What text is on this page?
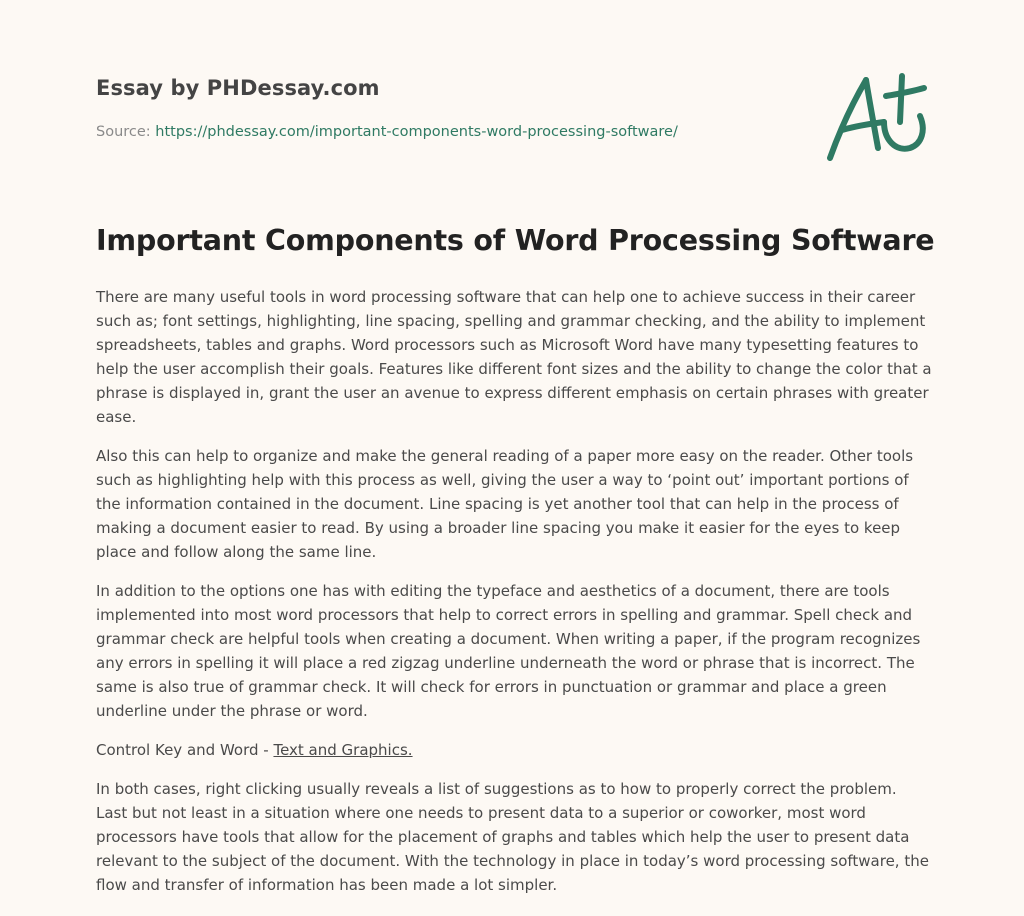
Essay by PHDessay.com

Source: https://phdessay.com/important-components-word-processing-software/

Important Components of Word Processing Software

There are many useful tools in word processing software that can help one to achieve success in their career such as; font settings, highlighting, line spacing, spelling and grammar checking, and the ability to implement spreadsheets, tables and graphs. Word processors such as Microsoft Word have many typesetting features to help the user accomplish their goals. Features like different font sizes and the ability to change the color that a phrase is displayed in, grant the user an avenue to express different emphasis on certain phrases with greater ease.

Also this can help to organize and make the general reading of a paper more easy on the reader. Other tools such as highlighting help with this process as well, giving the user a way to ‘point out’ important portions of the information contained in the document. Line spacing is yet another tool that can help in the process of making a document easier to read. By using a broader line spacing you make it easier for the eyes to keep place and follow along the same line.

In addition to the options one has with editing the typeface and aesthetics of a document, there are tools implemented into most word processors that help to correct errors in spelling and grammar. Spell check and grammar check are helpful tools when creating a document. When writing a paper, if the program recognizes any errors in spelling it will place a red zigzag underline underneath the word or phrase that is incorrect. The same is also true of grammar check. It will check for errors in punctuation or grammar and place a green underline under the phrase or word.

Control Key and Word - Text and Graphics.

In both cases, right clicking usually reveals a list of suggestions as to how to properly correct the problem. Last but not least in a situation where one needs to present data to a superior or coworker, most word processors have tools that allow for the placement of graphs and tables which help the user to present data relevant to the subject of the document. With the technology in place in today’s word processing software, the flow and transfer of information has been made a lot simpler.
